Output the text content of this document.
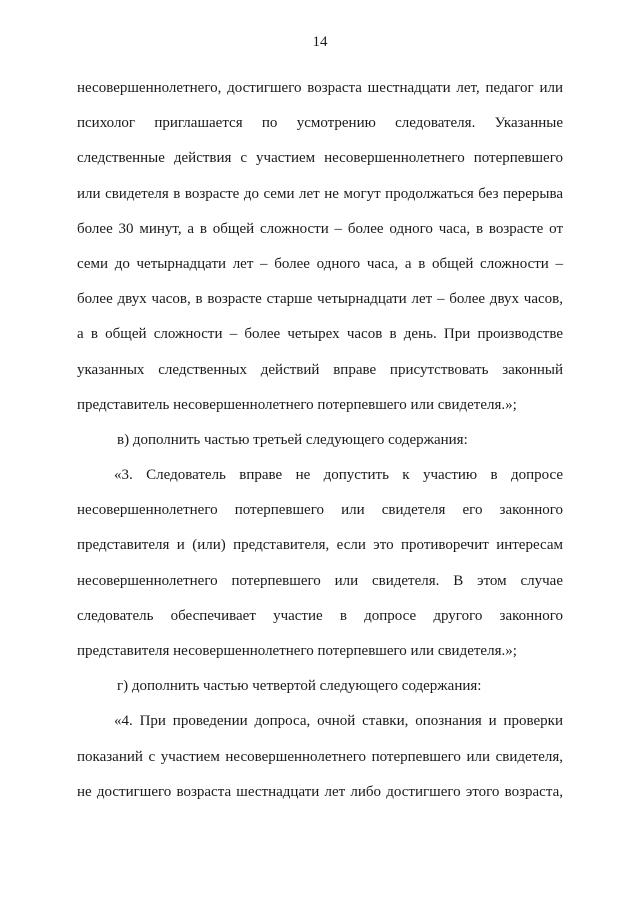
14
несовершеннолетнего, достигшего возраста шестнадцати лет, педагог или
психолог приглашается по усмотрению следователя. Указанные
следственные действия с участием несовершеннолетнего потерпевшего
или свидетеля в возрасте до семи лет не могут продолжаться без перерыва
более 30 минут, а в общей сложности – более одного часа, в возрасте от
семи до четырнадцати лет – более одного часа, а в общей сложности –
более двух часов, в возрасте старше четырнадцати лет – более двух часов,
а в общей сложности – более четырех часов в день. При производстве
указанных следственных действий вправе присутствовать законный
представитель несовершеннолетнего потерпевшего или свидетеля.»;
в) дополнить частью третьей следующего содержания:
«3. Следователь вправе не допустить к участию в допросе
несовершеннолетнего потерпевшего или свидетеля его законного
представителя и (или) представителя, если это противоречит интересам
несовершеннолетнего потерпевшего или свидетеля. В этом случае
следователь обеспечивает участие в допросе другого законного
представителя несовершеннолетнего потерпевшего или свидетеля.»;
г) дополнить частью четвертой следующего содержания:
«4. При проведении допроса, очной ставки, опознания и проверки
показаний с участием несовершеннолетнего потерпевшего или свидетеля,
не достигшего возраста шестнадцати лет либо достигшего этого возраста,
